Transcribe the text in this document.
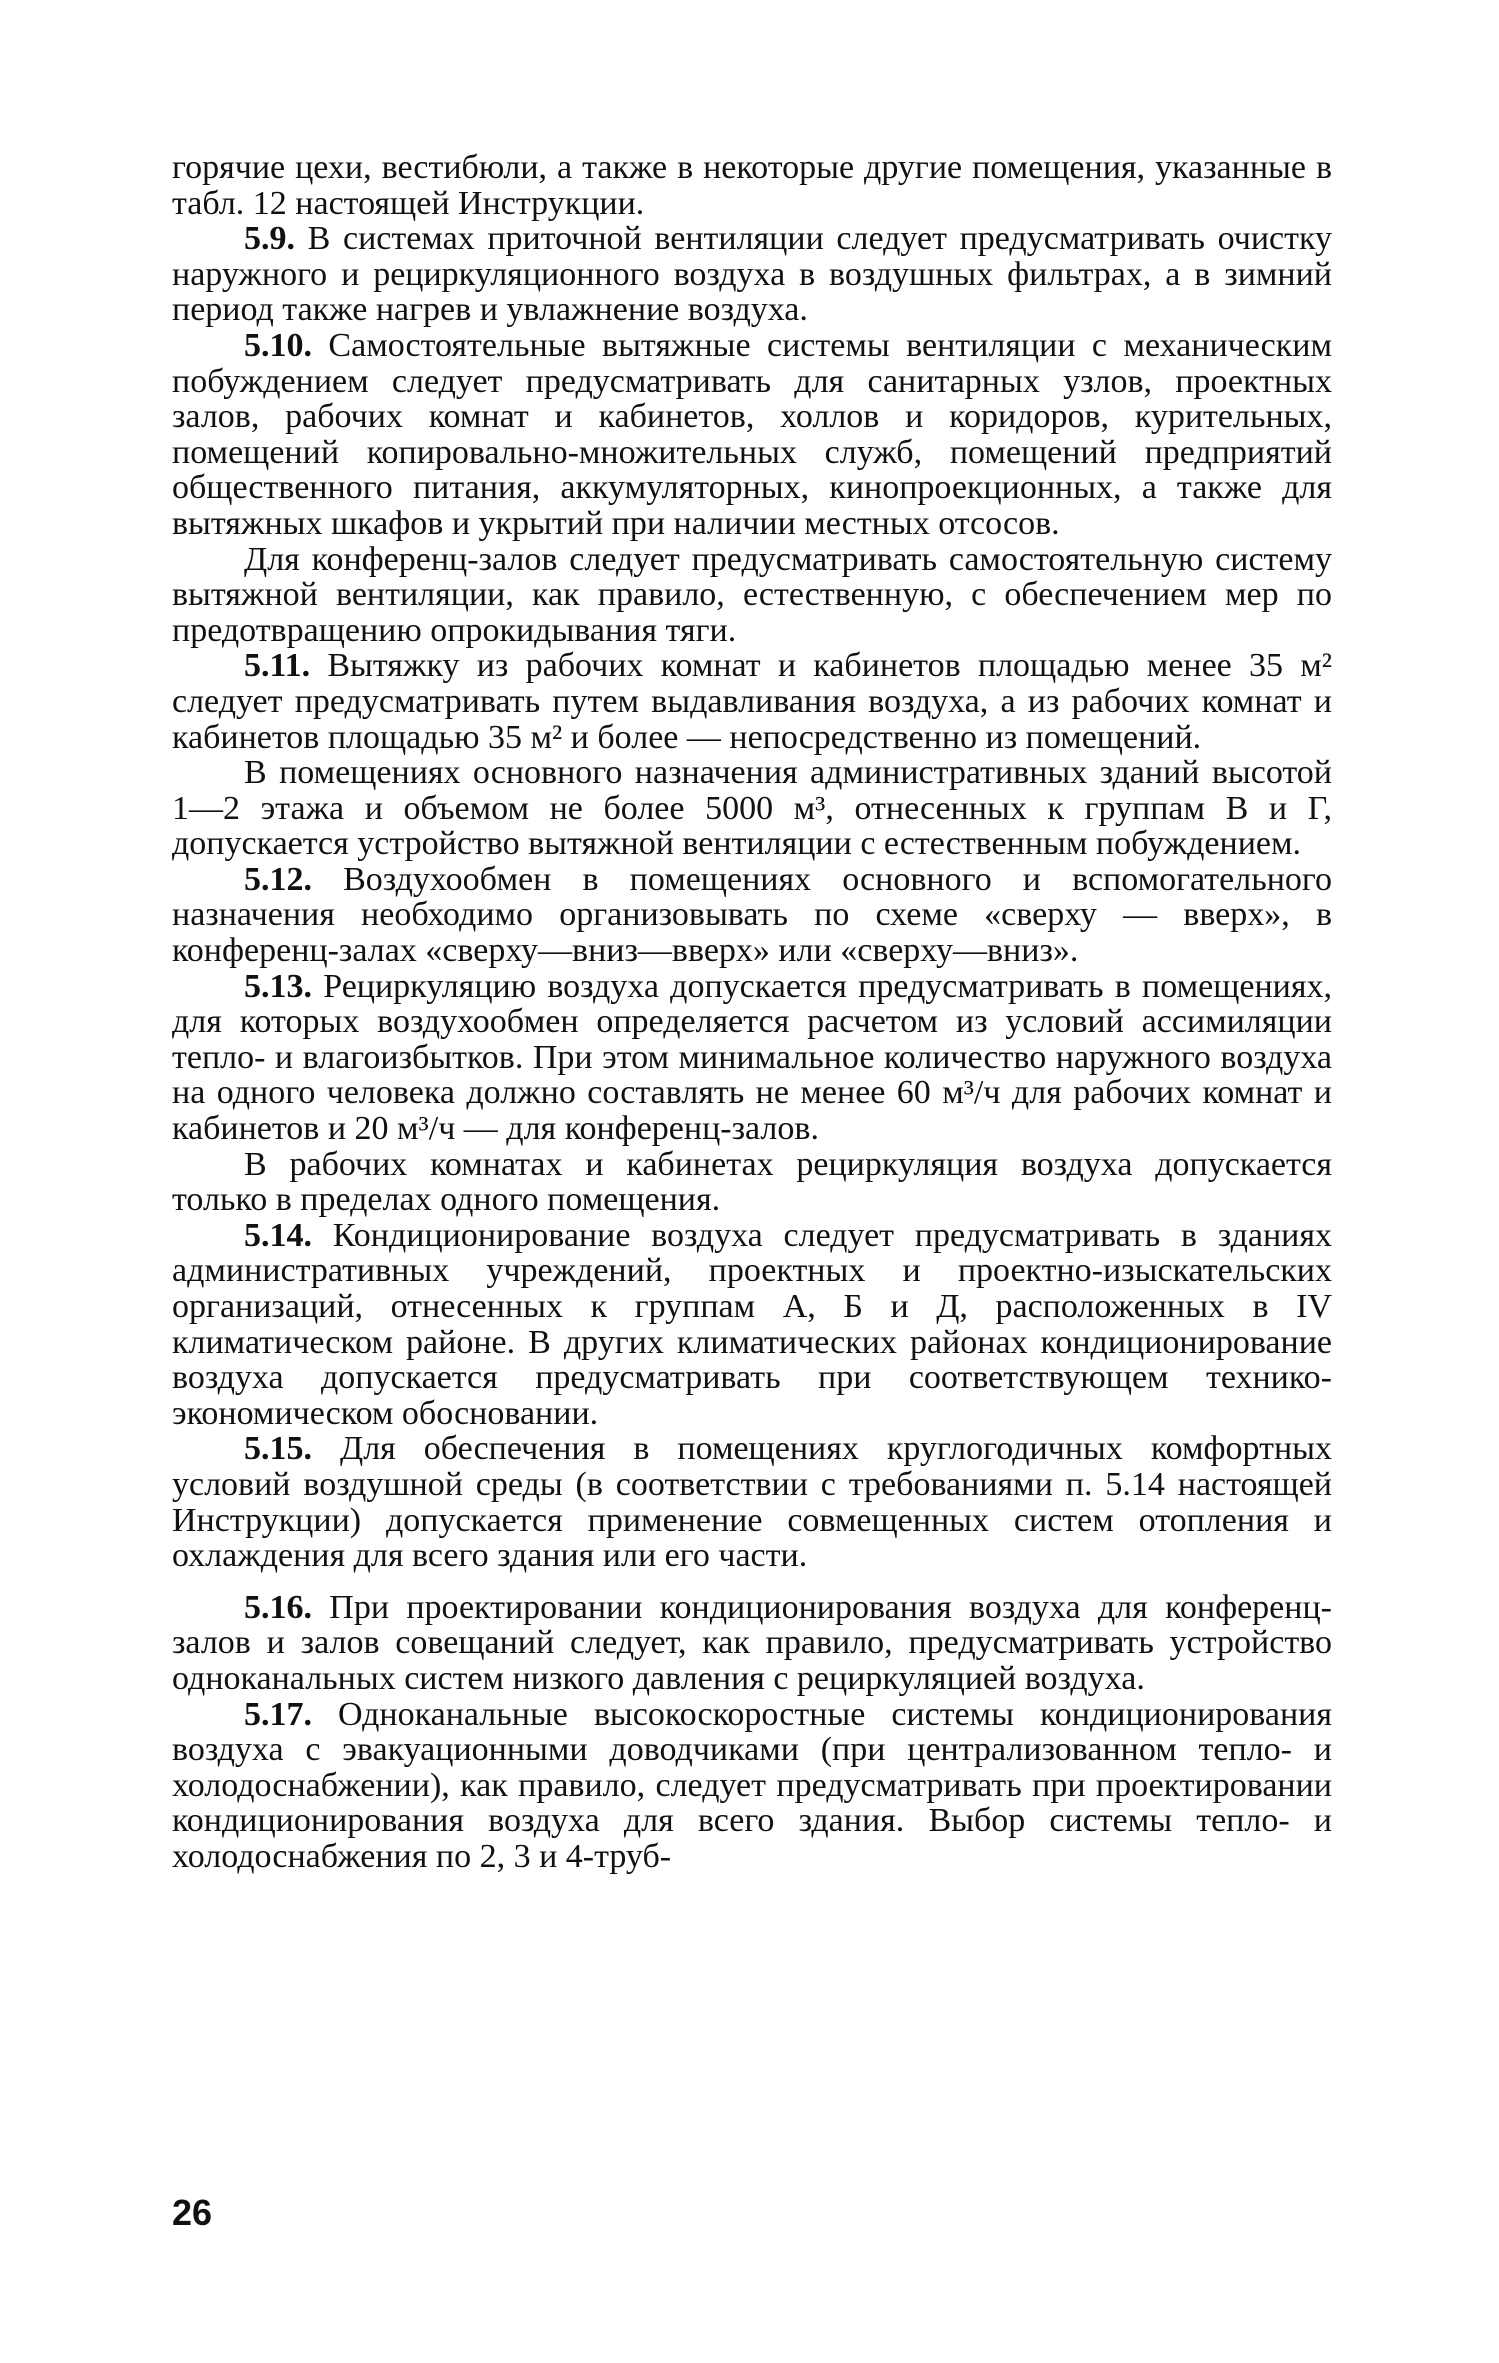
горячие цехи, вестибюли, а также в некоторые другие помещения, указанные в табл. 12 настоящей Инструкции.

5.9. В системах приточной вентиляции следует предусматривать очистку наружного и рециркуляционного воздуха в воздушных фильтрах, а в зимний период также нагрев и увлажнение воздуха.

5.10. Самостоятельные вытяжные системы вентиляции с механическим побуждением следует предусматривать для санитарных узлов, проектных залов, рабочих комнат и кабинетов, холлов и коридоров, курительных, помещений копировально-множительных служб, помещений предприятий общественного питания, аккумуляторных, кинопроекционных, а также для вытяжных шкафов и укрытий при наличии местных отсосов.

Для конференц-залов следует предусматривать самостоятельную систему вытяжной вентиляции, как правило, естественную, с обеспечением мер по предотвращению опрокидывания тяги.

5.11. Вытяжку из рабочих комнат и кабинетов площадью менее 35 м² следует предусматривать путем выдавливания воздуха, а из рабочих комнат и кабинетов площадью 35 м² и более — непосредственно из помещений.

В помещениях основного назначения административных зданий высотой 1—2 этажа и объемом не более 5000 м³, отнесенных к группам В и Г, допускается устройство вытяжной вентиляции с естественным побуждением.

5.12. Воздухообмен в помещениях основного и вспомогательного назначения необходимо организовывать по схеме «сверху — вверх», в конференц-залах «сверху—вниз—вверх» или «сверху—вниз».

5.13. Рециркуляцию воздуха допускается предусматривать в помещениях, для которых воздухообмен определяется расчетом из условий ассимиляции тепло- и влагоизбытков. При этом минимальное количество наружного воздуха на одного человека должно составлять не менее 60 м³/ч для рабочих комнат и кабинетов и 20 м³/ч — для конференц-залов.

В рабочих комнатах и кабинетах рециркуляция воздуха допускается только в пределах одного помещения.

5.14. Кондиционирование воздуха следует предусматривать в зданиях административных учреждений, проектных и проектно-изыскательских организаций, отнесенных к группам А, Б и Д, расположенных в IV климатическом районе. В других климатических районах кондиционирование воздуха допускается предусматривать при соответствующем технико-экономическом обосновании.

5.15. Для обеспечения в помещениях круглогодичных комфортных условий воздушной среды (в соответствии с требованиями п. 5.14 настоящей Инструкции) допускается применение совмещенных систем отопления и охлаждения для всего здания или его части.

5.16. При проектировании кондиционирования воздуха для конференц-залов и залов совещаний следует, как правило, предусматривать устройство одноканальных систем низкого давления с рециркуляцией воздуха.

5.17. Одноканальные высокоскоростные системы кондиционирования воздуха с эвакуационными доводчиками (при централизованном тепло- и холодоснабжении), как правило, следует предусматривать при проектировании кондиционирования воздуха для всего здания. Выбор системы тепло- и холодоснабжения по 2, 3 и 4-труб-

26
